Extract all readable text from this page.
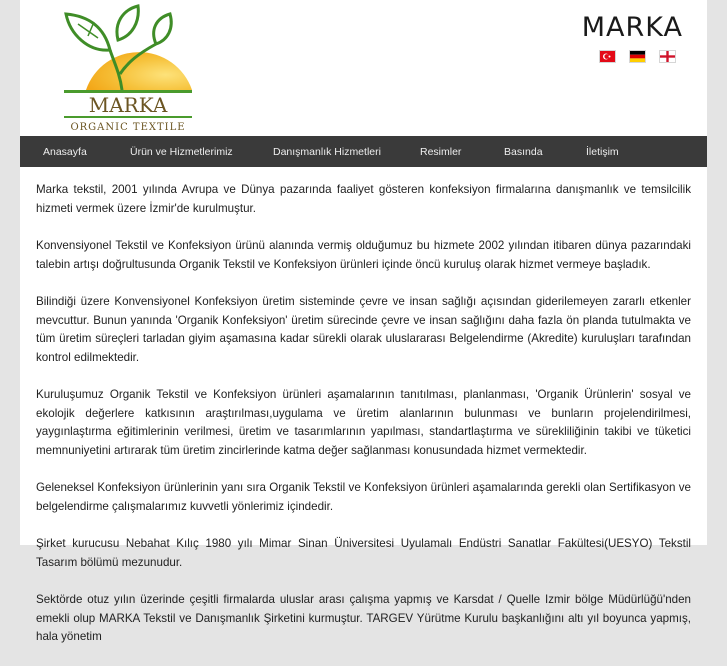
MARKA
ORGANIC TEXTILE
MARKA
Anasayfa	Ürün ve Hizmetlerimiz	Danışmanlık Hizmetleri	Resimler	Basında	İletişim

Marka tekstil, 2001 yılında Avrupa ve Dünya pazarında faaliyet gösteren konfeksiyon firmalarına danışmanlık ve temsilcilik hizmeti vermek üzere İzmir'de kurulmuştur.

Konvensiyonel Tekstil ve Konfeksiyon ürünü alanında vermiş olduğumuz bu hizmete 2002 yılından itibaren dünya pazarındaki talebin artışı doğrultusunda Organik Tekstil ve Konfeksiyon ürünleri içinde öncü kuruluş olarak hizmet vermeye başladık.

Bilindiği üzere Konvensiyonel Konfeksiyon üretim sisteminde çevre ve insan sağlığı açısından giderilemeyen zararlı etkenler mevcuttur. Bunun yanında 'Organik Konfeksiyon' üretim sürecinde çevre ve insan sağlığını daha fazla ön planda tutulmakta ve tüm üretim süreçleri tarladan giyim aşamasına kadar sürekli olarak uluslararası Belgelendirme (Akredite) kuruluşları tarafından kontrol edilmektedir.

Kuruluşumuz Organik Tekstil ve Konfeksiyon ürünleri aşamalarının tanıtılması, planlanması, 'Organik Ürünlerin' sosyal ve ekolojik değerlere katkısının araştırılması,uygulama ve üretim alanlarının bulunması ve bunların projelendirilmesi, yaygınlaştırma eğitimlerinin verilmesi, üretim ve tasarımlarının yapılması, standartlaştırma ve sürekliliğinin takibi ve tüketici memnuniyetini artırarak tüm üretim zincirlerinde katma değer sağlanması konusundada hizmet vermektedir.

Geleneksel Konfeksiyon ürünlerinin yanı sıra Organik Tekstil ve Konfeksiyon ürünleri aşamalarında gerekli olan Sertifikasyon ve belgelendirme çalışmalarımız kuvvetli yönlerimiz içindedir.

Şirket kurucusu Nebahat Kılıç 1980 yılı Mimar Sinan Üniversitesi Uyulamalı Endüstri Sanatlar Fakültesi(UESYO) Tekstil Tasarım bölümü mezunudur.

Sektörde otuz yılın üzerinde çeşitli firmalarda uluslar arası çalışma yapmış ve Karsdat / Quelle Izmir bölge Müdürlüğü'nden emekli olup MARKA Tekstil ve Danışmanlık Şirketini kurmuştur. TARGEV Yürütme Kurulu başkanlığını altı yıl boyunca yapmış, hala yönetim
